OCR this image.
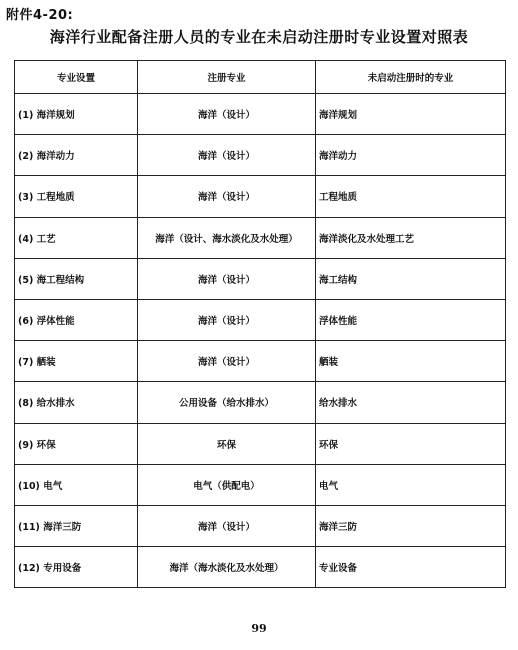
附件4-20:
海洋行业配备注册人员的专业在未启动注册时专业设置对照表
专业设置	注册专业	未启动注册时的专业
(1) 海洋规划	海洋（设计）	海洋规划
(2) 海洋动力	海洋（设计）	海洋动力
(3) 工程地质	海洋（设计）	工程地质
(4) 工艺	海洋（设计、海水淡化及水处理）	海洋淡化及水处理工艺
(5) 海工程结构	海洋（设计）	海工结构
(6) 浮体性能	海洋（设计）	浮体性能
(7) 舾装	海洋（设计）	舾装
(8) 给水排水	公用设备（给水排水）	给水排水
(9) 环保	环保	环保
(10) 电气	电气（供配电）	电气
(11) 海洋三防	海洋（设计）	海洋三防
(12) 专用设备	海洋（海水淡化及水处理）	专业设备
99
